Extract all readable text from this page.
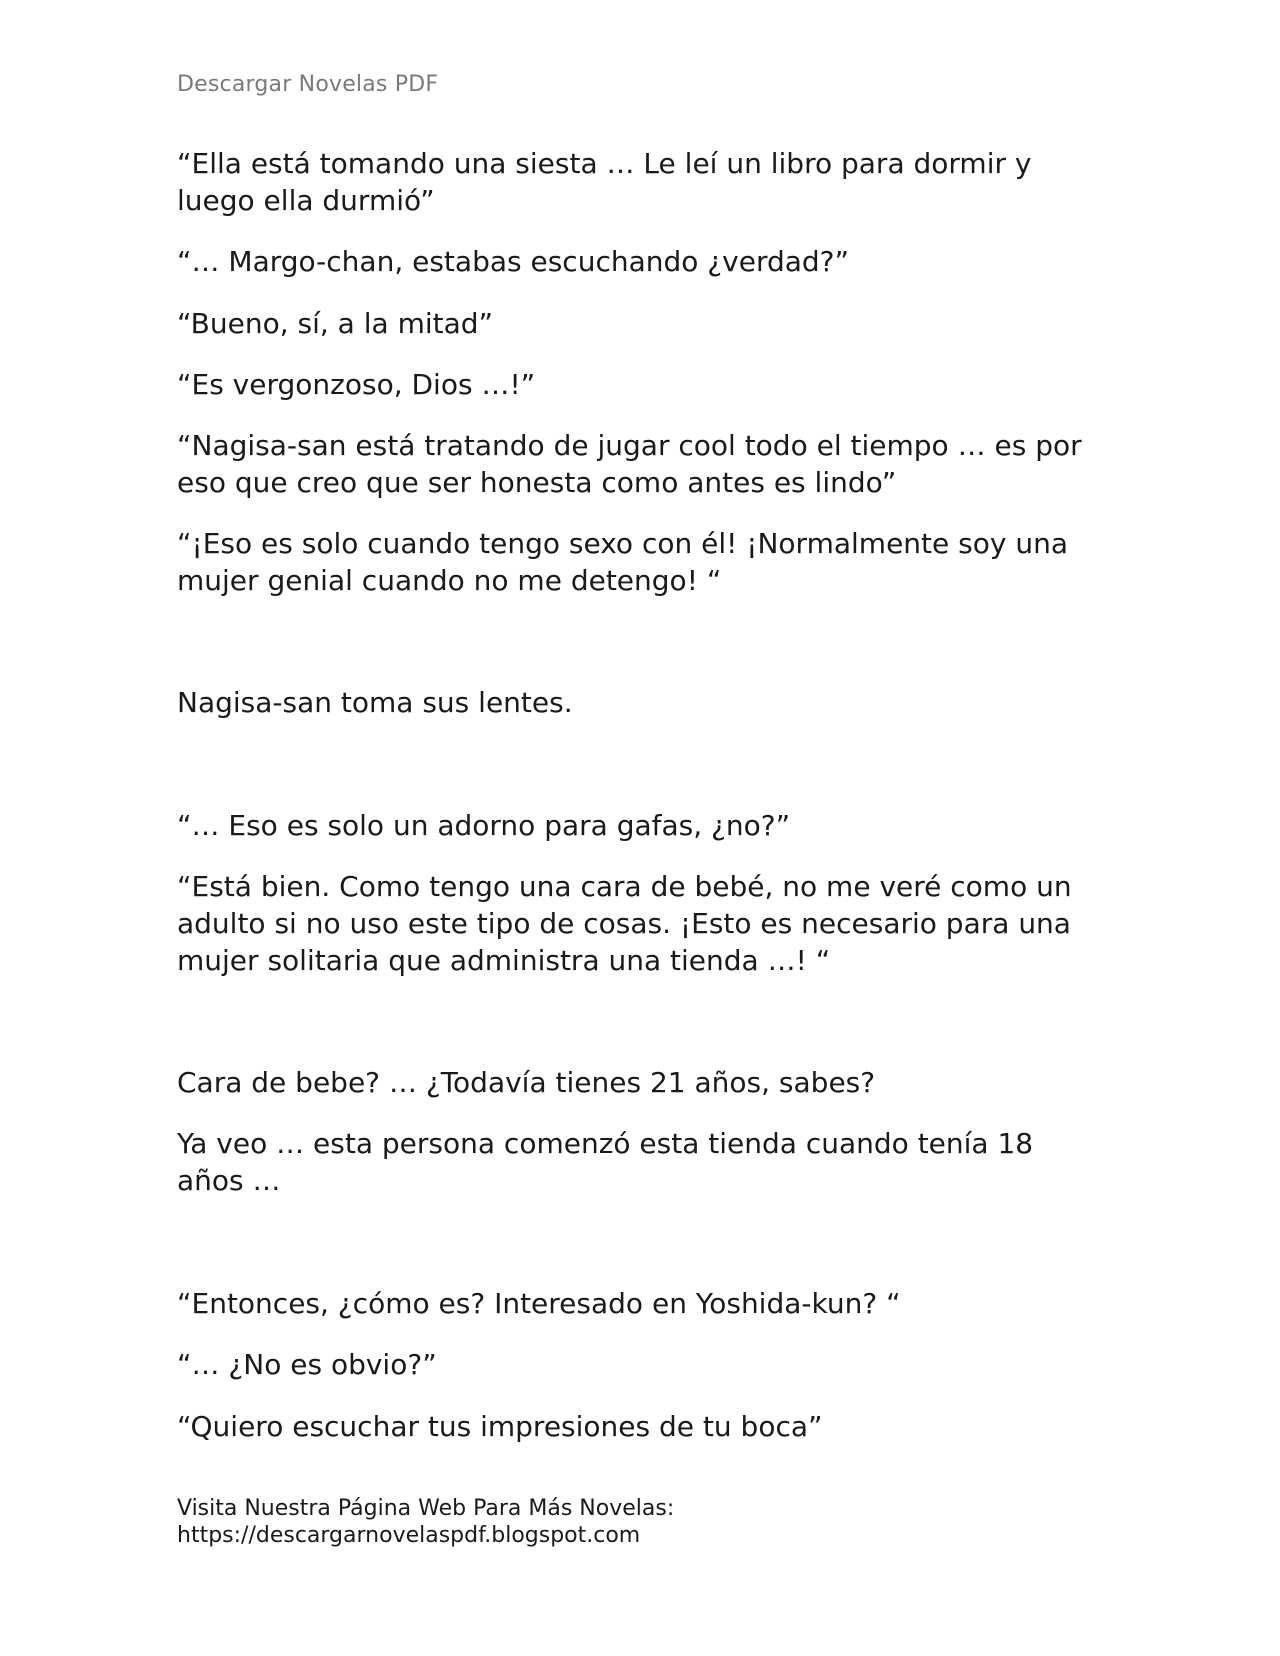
Descargar Novelas PDF

“Ella está tomando una siesta … Le leí un libro para dormir y luego ella durmió”

“… Margo-chan, estabas escuchando ¿verdad?”

“Bueno, sí, a la mitad”

“Es vergonzoso, Dios …!”

“Nagisa-san está tratando de jugar cool todo el tiempo … es por eso que creo que ser honesta como antes es lindo”

“¡Eso es solo cuando tengo sexo con él! ¡Normalmente soy una mujer genial cuando no me detengo! “

Nagisa-san toma sus lentes.

“… Eso es solo un adorno para gafas, ¿no?”

“Está bien. Como tengo una cara de bebé, no me veré como un adulto si no uso este tipo de cosas. ¡Esto es necesario para una mujer solitaria que administra una tienda …! “

Cara de bebe? … ¿Todavía tienes 21 años, sabes?

Ya veo … esta persona comenzó esta tienda cuando tenía 18 años …

“Entonces, ¿cómo es? Interesado en Yoshida-kun? “

“… ¿No es obvio?”

“Quiero escuchar tus impresiones de tu boca”

Visita Nuestra Página Web Para Más Novelas:
https://descargarnovelaspdf.blogspot.com
